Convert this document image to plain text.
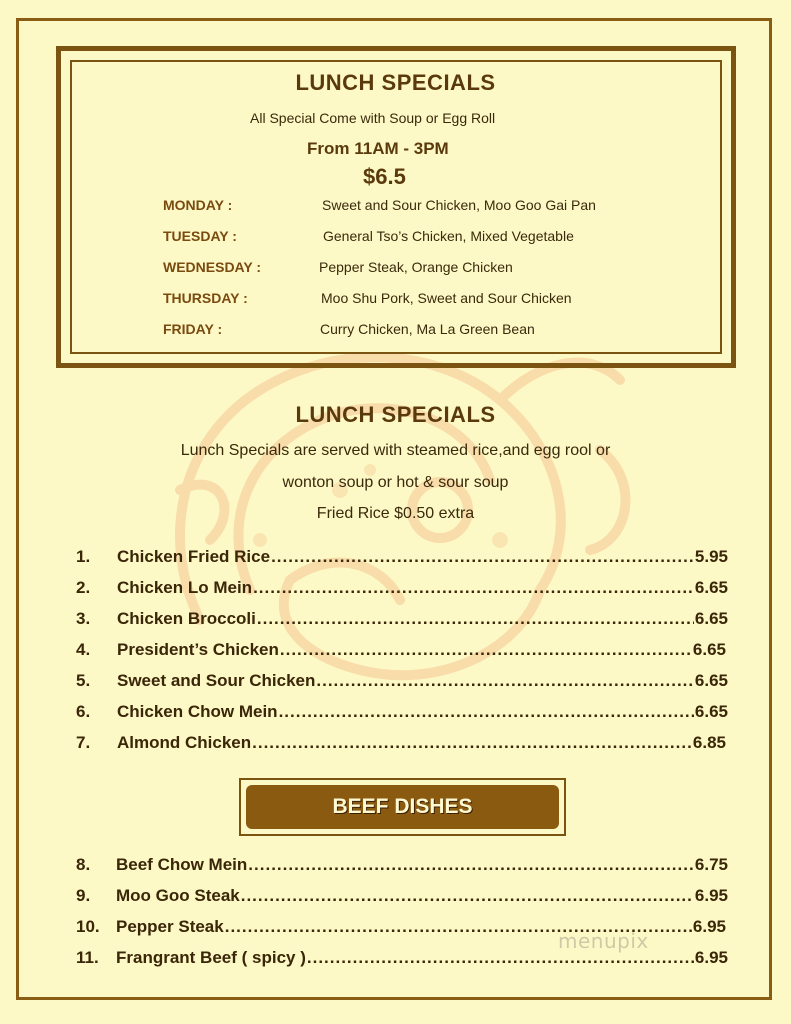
LUNCH SPECIALS
All Special Come with Soup or Egg Roll
From 11AM - 3PM
$6.5
MONDAY :	Sweet and Sour Chicken, Moo Goo Gai Pan
TUESDAY :	General Tso’s Chicken, Mixed Vegetable
WEDNESDAY :	Pepper Steak, Orange Chicken
THURSDAY :	Moo Shu Pork, Sweet and Sour Chicken
FRIDAY :	Curry Chicken, Ma La Green Bean
LUNCH SPECIALS
Lunch Specials are served with steamed rice,and egg rool or
wonton soup or hot & sour soup
Fried Rice $0.50 extra
1. Chicken Fried Rice .....	5.95
2. Chicken Lo Mein .....	6.65
3. Chicken Broccoli .....	6.65
4. President’s Chicken .....	6.65
5. Sweet and Sour Chicken .....	6.65
6. Chicken Chow Mein .....	6.65
7. Almond Chicken .....	6.85
BEEF DISHES
8. Beef Chow Mein .....	6.75
9. Moo Goo Steak .....	6.95
10. Pepper Steak .....	6.95
11. Frangrant Beef ( spicy ) .....	6.95
menupix
